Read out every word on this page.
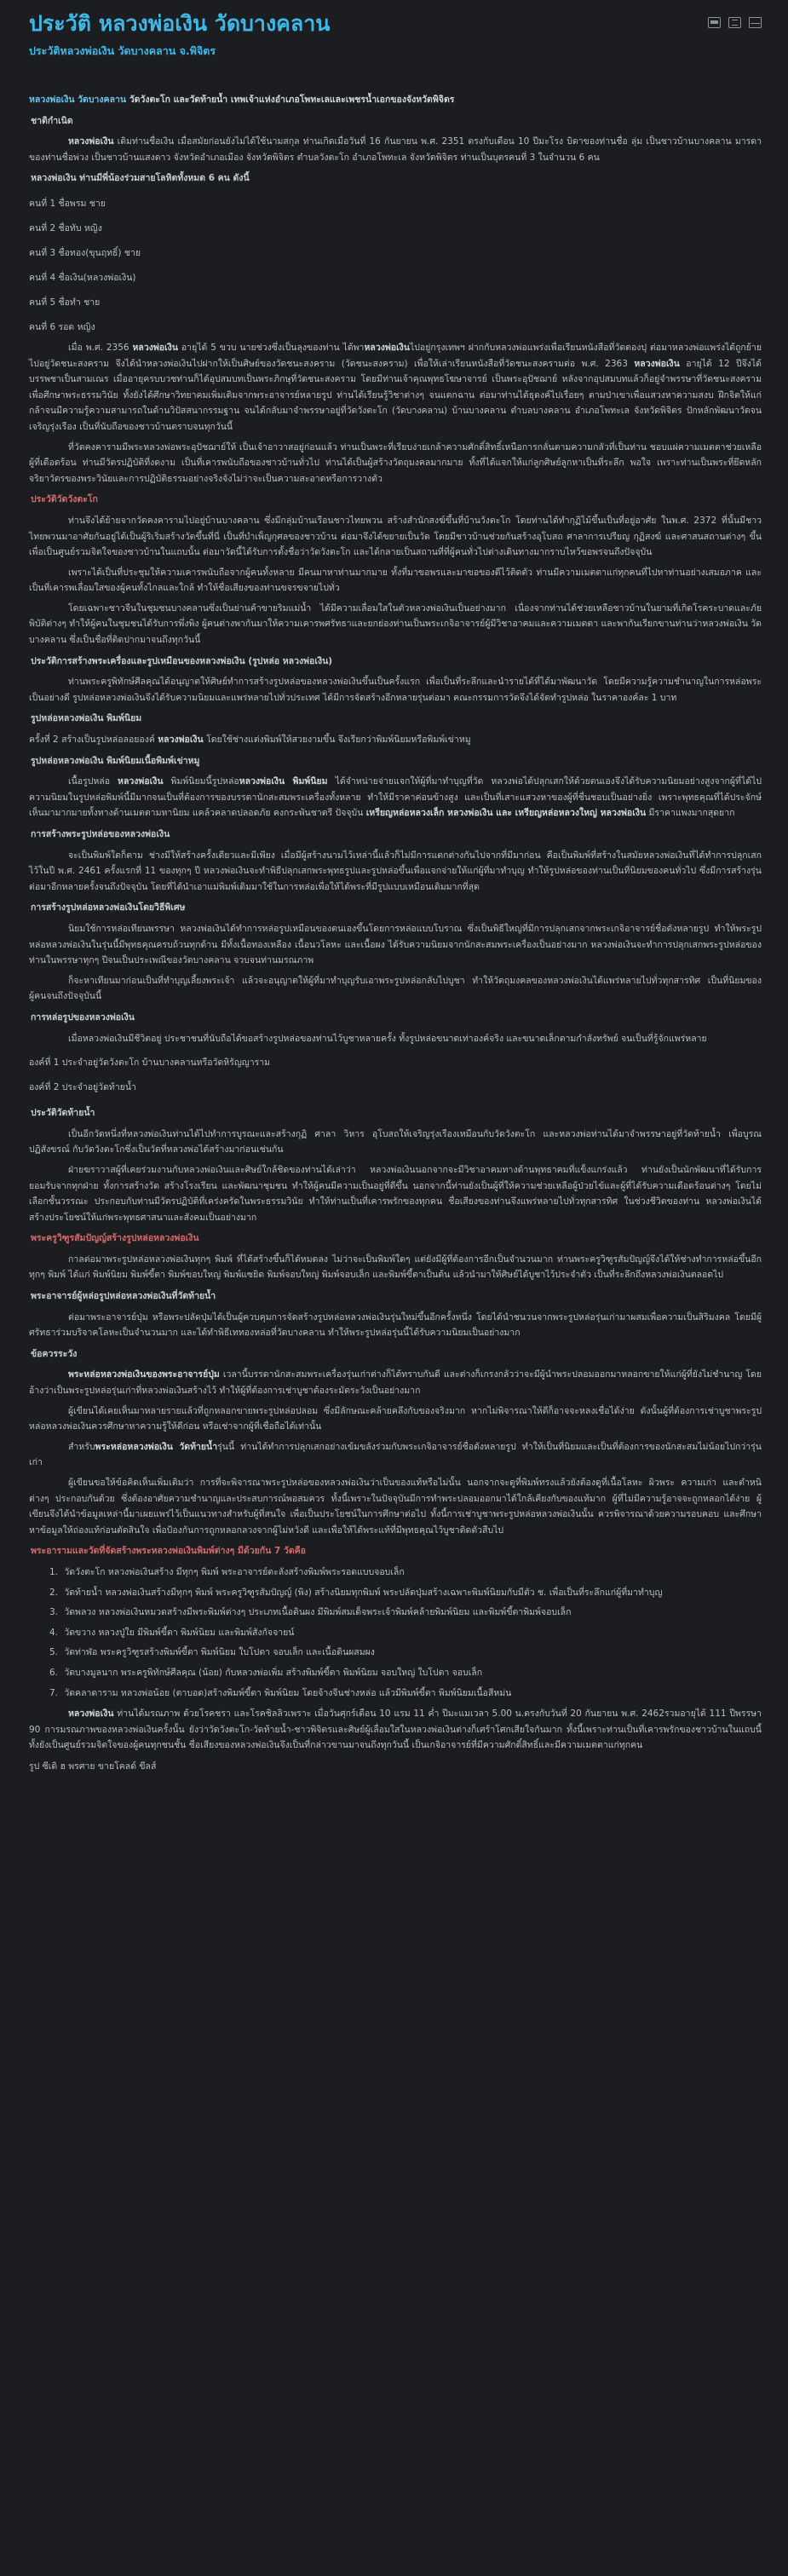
ประวัติ หลวงพ่อเงิน วัดบางคลาน
ประวัติหลวงพ่อเงิน วัดบางคลาน จ.พิจิตร

หลวงพ่อเงิน วัดบางคลาน วัดวังตะโก และวัดท้ายน้ำ เทพเจ้าแห่งอำเภอโพทะเลและเพชรน้ำเอกของจังหวัดพิจิตร

ชาติกำเนิด

หลวงพ่อเงิน เดิมท่านชื่อเงิน เมื่อสมัยก่อนยังไม่ได้ใช้นามสกุล ท่านเกิดเมื่อวันที่ 16 กันยายน พ.ศ. 2351 ตรงกับเดือน 10 ปีมะโรง บิดาของท่านชื่อ ลุ่ม เป็นชาวบ้านบางคลาน มารดาของท่านชื่อพ่วง เป็นชาวบ้านแสงดาว จังหวัดอำเภอเมือง จังหวัดพิจิตร ตำบลวังตะโก อำเภอโพทะเล จังหวัดพิจิตร ท่านเป็นบุตรคนที่ 3 ในจำนวน 6 คน

หลวงพ่อเงิน ท่านมีพี่น้องร่วมสายโลหิตทั้งหมด 6 คน ดังนี้

คนที่ 1 ชื่อพรม ชาย
คนที่ 2 ชื่อทับ หญิง
คนที่ 3 ชื่อทอง(ขุนฤทธิ์) ชาย
คนที่ 4 ชื่อเงิน(หลวงพ่อเงิน)
คนที่ 5 ชื่อทำ ชาย
คนที่ 6 รอด หญิง

เมื่อ พ.ศ. 2356 หลวงพ่อเงิน อายุได้ 5 ขวบ นายช่วงซึ่งเป็นลุงของท่าน ได้พาหลวงพ่อเงินไปอยู่กรุงเทพฯ ฝากกับหลวงพ่อแพร่งเพื่อเรียนหนังสือที่วัดตองปุ ต่อมาหลวงพ่อแพร่งได้ถูกย้ายไปอยู่วัดชนะสงคราม จึงได้นำหลวงพ่อเงินไปฝากให้เป็นศิษย์ของวัดชนะสงคราม (วัดชนะสงคราม) เพื่อให้เล่าเรียนหนังสือที่วัดชนะสงครามต่อ พ.ศ. 2363 หลวงพ่อเงิน อายุได้ 12 ปีจึงได้บรรพชาเป็นสามเณร เมื่ออายุครบบวชท่านก็ได้อุปสมบทเป็นพระภิกษุที่วัดชนะสงคราม โดยมีท่านเจ้าคุณพุทธโฆษาจารย์ เป็นพระอุปัชฌาย์ หลังจากอุปสมบทแล้วก็อยู่จำพรรษาที่วัดชนะสงครามเพื่อศึกษาพระธรรมวินัย ทั้งยังได้ศึกษาวิทยาคมเพิ่มเติมจากพระอาจารย์หลายรูป ท่านได้เรียนรู้วิชาต่างๆ จนแตกฉาน ต่อมาท่านได้ธุดงค์ไปเรื่อยๆ ตามป่าเขาเพื่อแสวงหาความสงบ ฝึกจิตให้แก่กล้าจนมีความรู้ความสามารถในด้านวิปัสสนากรรมฐาน จนได้กลับมาจำพรรษาอยู่ที่วัดวังตะโก (วัดบางคลาน) บ้านบางคลาน ตำบลบางคลาน อำเภอโพทะเล จังหวัดพิจิตร ปักหลักพัฒนาวัดจนเจริญรุ่งเรือง เป็นที่นับถือของชาวบ้านตราบจนทุกวันนี้

ที่วัดคงคารามมีพระหลวงพ่อพระอุปัชฌาย์ให้ เป็นเจ้าอาวาสอยู่ก่อนแล้ว ท่านเป็นพระที่เรียบง่ายเกล้าความศักดิ์สิทธิ์เหนือการกลั่นตามความกลัวที่เป็นท่าน ชอบแผ่ความเมตตาช่วยเหลือผู้ที่เดือดร้อน ท่านมีวัตรปฏิบัติที่งดงาม เป็นที่เคารพนับถือของชาวบ้านทั่วไป ท่านได้เป็นผู้สร้างวัตถุมงคลมากมาย ทั้งที่ได้แจกให้แก่ลูกศิษย์ลูกหาเป็นที่ระลึก พอใจ เพราะท่านเป็นพระที่ยึดหลักจริยาวัตรของพระวินัยและการปฏิบัติธรรมอย่างจริงจังไม่ว่าจะเป็นความสะอาดหรือการวางตัว

ประวัติวัดวังตะโก

ท่านจึงได้ย้ายจากวัดคงคารามไปอยู่บ้านบางคลาน ซึ่งมีกลุ่มบ้านเรือนชาวไทยพวน สร้างสำนักสงฆ์ขึ้นที่บ้านวังตะโก โดยท่านได้ทำกุฏิไม้ขึ้นเป็นที่อยู่อาศัย ในพ.ศ. 2372 ที่นั้นมีชาวไทยพวนมาอาศัยกันอยู่ได้เป็นผู้ริเริ่มสร้างวัดขึ้นที่นี่ เป็นที่บำเพ็ญกุศลของชาวบ้าน ต่อมาจึงได้ขยายเป็นวัด โดยมีชาวบ้านช่วยกันสร้างอุโบสถ ศาลาการเปรียญ กุฏิสงฆ์ และศาสนสถานต่างๆ ขึ้นเพื่อเป็นศูนย์รวมจิตใจของชาวบ้านในแถบนั้น ต่อมาวัดนี้ได้รับการตั้งชื่อว่าวัดวังตะโก และได้กลายเป็นสถานที่ที่ผู้คนทั่วไปต่างเดินทางมากราบไหว้ขอพรจนถึงปัจจุบัน

เพราะได้เป็นที่ประชุมให้ความเคารพนับถือจากผู้คนทั้งหลาย มีคนมาหาท่านมากมาย ทั้งที่มาขอพรและมาขอของดีไว้ติดตัว ท่านมีความเมตตาแก่ทุกคนที่ไปหาท่านอย่างเสมอภาค และเป็นที่เคารพเลื่อมใสของผู้คนทั้งไกลและใกล้ ทำให้ชื่อเสียงของท่านขจรขจายไปทั่ว

โดยเฉพาะชาวจีนในชุมชนบางคลานซึ่งเป็นย่านค้าขายริมแม่น้ำ ได้มีความเลื่อมใสในตัวหลวงพ่อเงินเป็นอย่างมาก เนื่องจากท่านได้ช่วยเหลือชาวบ้านในยามที่เกิดโรคระบาดและภัยพิบัติต่างๆ ทำให้ผู้คนในชุมชนได้รับการพึ่งพิง ผู้คนต่างพากันมาให้ความเคารพศรัทธาและยกย่องท่านเป็นพระเกจิอาจารย์ผู้มีวิชาอาคมและความเมตตา และพากันเรียกขานท่านว่าหลวงพ่อเงิน วัดบางคลาน ซึ่งเป็นชื่อที่ติดปากมาจนถึงทุกวันนี้

ประวัติการสร้างพระเครื่องและรูปเหมือนของหลวงพ่อเงิน (รูปหล่อ หลวงพ่อเงิน)

ท่านพระครูพิทักษ์ศีลคุณได้อนุญาตให้ศิษย์ทำการสร้างรูปหล่อของหลวงพ่อเงินขึ้นเป็นครั้งแรก เพื่อเป็นที่ระลึกและนำรายได้ที่ได้มาพัฒนาวัด โดยมีความรู้ความชำนาญในการหล่อพระเป็นอย่างดี รูปหล่อหลวงพ่อเงินจึงได้รับความนิยมและแพร่หลายไปทั่วประเทศ ได้มีการจัดสร้างอีกหลายรุ่นต่อมา คณะกรรมการวัดจึงได้จัดทำรูปหล่อ ในราคาองค์ละ 1 บาท

รูปหล่อหลวงพ่อเงิน พิมพ์นิยม

ครั้งที่ 2 สร้างเป็นรูปหล่อลอยองค์ หลวงพ่อเงิน โดยใช้ช่างแต่งพิมพ์ให้สวยงามขึ้น จึงเรียกว่าพิมพ์นิยมหรือพิมพ์เข่าหมู

รูปหล่อหลวงพ่อเงิน พิมพ์นิยมเนื้อพิมพ์เข่าหมู

เนื้อรูปหล่อ หลวงพ่อเงิน พิมพ์นิยมนี้รูปหล่อหลวงพ่อเงิน พิมพ์นิยม ได้จำหน่ายจ่ายแจกให้ผู้ที่มาทำบุญที่วัด หลวงพ่อได้ปลุกเสกให้ด้วยตนเองจึงได้รับความนิยมอย่างสูงจากผู้ที่ได้ไป ความนิยมในรูปหล่อพิมพ์นี้มีมากจนเป็นที่ต้องการของบรรดานักสะสมพระเครื่องทั้งหลาย ทำให้มีราคาค่อนข้างสูง และเป็นที่เสาะแสวงหาของผู้ที่ชื่นชอบเป็นอย่างยิ่ง เพราะพุทธคุณที่ได้ประจักษ์เห็นมามากมายทั้งทางด้านเมตตามหานิยม แคล้วคลาดปลอดภัย คงกระพันชาตรี ปัจจุบัน เหรียญหล่อหลวงเล็ก หลวงพ่อเงิน และ เหรียญหล่อหลวงใหญ่ หลวงพ่อเงิน มีราคาแพงมากสุดยาก

การสร้างพระรูปหล่อของหลวงพ่อเงิน

จะเป็นพิมพ์ใดก็ตาม ช่างมีให้สร้างครั้งเดียวและมีเพียง เมื่อมีผู้สร้างนามไว้เหล่านี้แล้วก็ไม่มีการแตกต่างกันไปจากที่มีมาก่อน คือเป็นพิมพ์ที่สร้างในสมัยหลวงพ่อเงินที่ได้ทำการปลุกเสกไว้ในปี พ.ศ. 2461 ครั้งแรกที่ 11 ของทุกๆ ปี หลวงพ่อเงินจะทำพิธีปลุกเสกพระพุทธรูปและรูปหล่อขึ้นเพื่อแจกจ่ายให้แก่ผู้ที่มาทำบุญ ทำให้รูปหล่อของท่านเป็นที่นิยมของคนทั่วไป ซึ่งมีการสร้างรุ่นต่อมาอีกหลายครั้งจนถึงปัจจุบัน โดยที่ได้นำเอาแม่พิมพ์เดิมมาใช้ในการหล่อเพื่อให้ได้พระที่มีรูปแบบเหมือนเดิมมากที่สุด

การสร้างรูปหล่อหลวงพ่อเงินโดยวิธีพิเศษ

นิยมใช้การหล่อเทียนพรรษา หลวงพ่อเงินได้ทำการหล่อรูปเหมือนของตนเองขึ้นโดยการหล่อแบบโบราณ ซึ่งเป็นพิธีใหญ่ที่มีการปลุกเสกจากพระเกจิอาจารย์ชื่อดังหลายรูป ทำให้พระรูปหล่อหลวงพ่อเงินในรุ่นนี้มีพุทธคุณครบถ้วนทุกด้าน มีทั้งเนื้อทองเหลือง เนื้อนวโลหะ และเนื้อผง ได้รับความนิยมจากนักสะสมพระเครื่องเป็นอย่างมาก หลวงพ่อเงินจะทำการปลุกเสกพระรูปหล่อของท่านในพรรษาทุกๆ ปีจนเป็นประเพณีของวัดบางคลาน จวบจนท่านมรณภาพ

ก็จะหาเทียนมาก่อนเป็นที่ทำบุญเลี้ยงพระเจ้า แล้วจะอนุญาตให้ผู้ที่มาทำบุญรับเอาพระรูปหล่อกลับไปบูชา ทำให้วัตถุมงคลของหลวงพ่อเงินได้แพร่หลายไปทั่วทุกสารทิศ เป็นที่นิยมของผู้คนจนถึงปัจจุบันนี้

การหล่อรูปของหลวงพ่อเงิน

เมื่อหลวงพ่อเงินมีชีวิตอยู่ ประชาชนที่นับถือได้ขอสร้างรูปหล่อของท่านไว้บูชาหลายครั้ง ทั้งรูปหล่อขนาดเท่าองค์จริง และขนาดเล็กตามกำลังทรัพย์ จนเป็นที่รู้จักแพร่หลาย

องค์ที่ 1 ประจำอยู่วัดวังตะโก บ้านบางคลานหรือวัดหิรัญญาราม
องค์ที่ 2 ประจำอยู่วัดท้ายน้ำ

ประวัติวัดท้ายน้ำ

เป็นอีกวัดหนึ่งที่หลวงพ่อเงินท่านได้ไปทำการบูรณะและสร้างกุฏิ ศาลา วิหาร อุโบสถให้เจริญรุ่งเรืองเหมือนกับวัดวังตะโก และหลวงพ่อท่านได้มาจำพรรษาอยู่ที่วัดท้ายน้ำ เพื่อบูรณปฏิสังขรณ์ กับวัดวังตะโกซึ่งเป็นวัดที่หลวงพ่อได้สร้างมาก่อนเช่นกัน

ฝ่ายฆราวาสผู้ที่เคยร่วมงานกับหลวงพ่อเงินและศิษย์ใกล้ชิดของท่านได้เล่าว่า หลวงพ่อเงินนอกจากจะมีวิชาอาคมทางด้านพุทธาคมที่แข็งแกร่งแล้ว ท่านยังเป็นนักพัฒนาที่ได้รับการยอมรับจากทุกฝ่าย ทั้งการสร้างวัด สร้างโรงเรียน และพัฒนาชุมชน ทำให้ผู้คนมีความเป็นอยู่ที่ดีขึ้น นอกจากนี้ท่านยังเป็นผู้ที่ให้ความช่วยเหลือผู้ป่วยไข้และผู้ที่ได้รับความเดือดร้อนต่างๆ โดยไม่เลือกชั้นวรรณะ ประกอบกับท่านมีวัตรปฏิบัติที่เคร่งครัดในพระธรรมวินัย ทำให้ท่านเป็นที่เคารพรักของทุกคน ชื่อเสียงของท่านจึงแพร่หลายไปทั่วทุกสารทิศ ในช่วงชีวิตของท่าน หลวงพ่อเงินได้สร้างประโยชน์ให้แก่พระพุทธศาสนาและสังคมเป็นอย่างมาก

พระครูวิฑูรสัมปัญญ์สร้างรูปหล่อหลวงพ่อเงิน

กาลต่อมาพระรูปหล่อหลวงพ่อเงินทุกๆ พิมพ์ ที่ได้สร้างขึ้นก็ได้หมดลง ไม่ว่าจะเป็นพิมพ์ใดๆ แต่ยังมีผู้ที่ต้องการอีกเป็นจำนวนมาก ท่านพระครูวิฑูรสัมปัญญ์จึงได้ให้ช่างทำการหล่อขึ้นอีกทุกๆ พิมพ์ ได้แก่ พิมพ์นิยม พิมพ์ขี้ตา พิมพ์ขอบใหญ่ พิมพ์แซยิด พิมพ์จอบใหญ่ พิมพ์จอบเล็ก และพิมพ์ขี้ตาเป็นต้น แล้วนำมาให้ศิษย์ได้บูชาไว้ประจำตัว เป็นที่ระลึกถึงหลวงพ่อเงินตลอดไป

พระอาจารย์ผู้หล่อรูปหล่อหลวงพ่อเงินที่วัดท้ายน้ำ

ต่อมาพระอาจารย์ปุ่ม หรือพระปลัดปุ่มได้เป็นผู้ควบคุมการจัดสร้างรูปหล่อหลวงพ่อเงินรุ่นใหม่ขึ้นอีกครั้งหนึ่ง โดยได้นำชนวนจากพระรูปหล่อรุ่นเก่ามาผสมเพื่อความเป็นสิริมงคล โดยมีผู้ศรัทธาร่วมบริจาคโลหะเป็นจำนวนมาก และได้ทำพิธีเททองหล่อที่วัดบางคลาน ทำให้พระรูปหล่อรุ่นนี้ได้รับความนิยมเป็นอย่างมาก

ข้อควรระวัง

พระหล่อหลวงพ่อเงินของพระอาจารย์ปุ่ม เวลานี้บรรดานักสะสมพระเครื่องรุ่นเก่าต่างก็ได้ทราบกันดี และต่างก็เกรงกลัวว่าจะมีผู้นำพระปลอมออกมาหลอกขายให้แก่ผู้ที่ยังไม่ชำนาญ โดยอ้างว่าเป็นพระรูปหล่อรุ่นเก่าที่หลวงพ่อเงินสร้างไว้ ทำให้ผู้ที่ต้องการเช่าบูชาต้องระมัดระวังเป็นอย่างมาก

ผู้เขียนได้เคยเห็นมาหลายรายแล้วที่ถูกหลอกขายพระรูปหล่อปลอม ซึ่งมีลักษณะคล้ายคลึงกับของจริงมาก หากไม่พิจารณาให้ดีก็อาจจะหลงเชื่อได้ง่าย ดังนั้นผู้ที่ต้องการเช่าบูชาพระรูปหล่อหลวงพ่อเงินควรศึกษาหาความรู้ให้ดีก่อน หรือเช่าจากผู้ที่เชื่อถือได้เท่านั้น

สำหรับพระหล่อหลวงพ่อเงิน วัดท้ายน้ำรุ่นนี้ ท่านได้ทำการปลุกเสกอย่างเข้มขลังร่วมกับพระเกจิอาจารย์ชื่อดังหลายรูป ทำให้เป็นที่นิยมและเป็นที่ต้องการของนักสะสมไม่น้อยไปกว่ารุ่นเก่า

ผู้เขียนขอให้ข้อคิดเห็นเพิ่มเติมว่า การที่จะพิจารณาพระรูปหล่อของหลวงพ่อเงินว่าเป็นของแท้หรือไม่นั้น นอกจากจะดูที่พิมพ์ทรงแล้วยังต้องดูที่เนื้อโลหะ ผิวพระ ความเก่า และตำหนิต่างๆ ประกอบกันด้วย ซึ่งต้องอาศัยความชำนาญและประสบการณ์พอสมควร ทั้งนี้เพราะในปัจจุบันมีการทำพระปลอมออกมาได้ใกล้เคียงกับของแท้มาก ผู้ที่ไม่มีความรู้อาจจะถูกหลอกได้ง่าย ผู้เขียนจึงได้นำข้อมูลเหล่านี้มาเผยแพร่ไว้เป็นแนวทางสำหรับผู้ที่สนใจ เพื่อเป็นประโยชน์ในการศึกษาต่อไป ทั้งนี้การเช่าบูชาพระรูปหล่อหลวงพ่อเงินนั้น ควรพิจารณาด้วยความรอบคอบ และศึกษาหาข้อมูลให้ถ่องแท้ก่อนตัดสินใจ เพื่อป้องกันการถูกหลอกลวงจากผู้ไม่หวังดี และเพื่อให้ได้พระแท้ที่มีพุทธคุณไว้บูชาติดตัวสืบไป

พระอารามและวัดที่จัดสร้างพระหลวงพ่อเงินพิมพ์ต่างๆ มีด้วยกัน 7 วัดคือ

1. วัดวังตะโก หลวงพ่อเงินสร้าง มีทุกๆ พิมพ์ พระอาจารย์ตะลังสร้างพิมพ์พระรอดแบบจอบเล็ก
2. วัดท้ายน้ำ หลวงพ่อเงินสร้างมีทุกๆ พิมพ์ พระครูวิฑูรสัมปัญญ์ (พิง) สร้างนิยมทุกพิมพ์ พระปลัดปุ่มสร้างเฉพาะพิมพ์นิยมกับมีตัว ช. เพื่อเป็นที่ระลึกแก่ผู้ที่มาทำบุญ
3. วัดพลวง หลวงพ่อเงินหมวดสร้างมีพระพิมพ์ต่างๆ ประเภทเนื้อดินผง มีพิมพ์สมเด็จพระเจ้าพิมพ์คล้ายพิมพ์นิยม และพิมพ์ขี้ตาพิมพ์จอบเล็ก
4. วัดขวาง หลวงปู่ใย มีพิมพ์ขี้ตา พิมพ์นิยม และพิมพ์สังกัจจายน์
5. วัดท่าฬ่อ พระครูวิฑูรสร้างพิมพ์ขี้ตา พิมพ์นิยม ใบโปตา จอบเล็ก และเนื้อดินผสมผง
6. วัดบางมูลนาก พระครูพิทักษ์ศีลคุณ (น้อย) กับหลวงพ่อเพิ่ม สร้างพิมพ์ขี้ตา พิมพ์นิยม จอบใหญ่ ใบโปตา จอบเล็ก
7. วัดคลาดาราม หลวงพ่อน้อย (ตาบอด)สร้างพิมพ์ขี้ตา พิมพ์นิยม โดยจ้างจีนช่างหล่อ แล้วมีพิมพ์ขี้ตา พิมพ์นิยมเนื้อสีหม่น

หลวงพ่อเงิน ท่านได้มรณภาพ ด้วยโรคชรา และโรคชิลลิวเพราะ เมื่อวันศุกร์เดือน 10 แรม 11 ค่ำ ปีมะแมเวลา 5.00 น.ตรงกับวันที่ 20 กันยายน พ.ศ. 2462รวมอายุได้ 111 ปีพรรษา 90 การมรณภาพของหลวงพ่อเงินครั้งนั้น ยังว่าวัดวังตะโก-วัดท้ายน้ำ-ชาวพิจิตรและศิษย์ผู้เลื่อมใสในหลวงพ่อเงินต่างก็เศร้าโศกเสียใจกันมาก ทั้งนี้เพราะท่านเป็นที่เคารพรักของชาวบ้านในแถบนี้ ทั้งยังเป็นศูนย์รวมจิตใจของผู้คนทุกชนชั้น ชื่อเสียงของหลวงพ่อเงินจึงเป็นที่กล่าวขานมาจนถึงทุกวันนี้ เป็นเกจิอาจารย์ที่มีความศักดิ์สิทธิ์และมีความเมตตาแก่ทุกคน

รูป ซีเดิ ฮ พรศาย ขายโคลด์ ขีลส์
